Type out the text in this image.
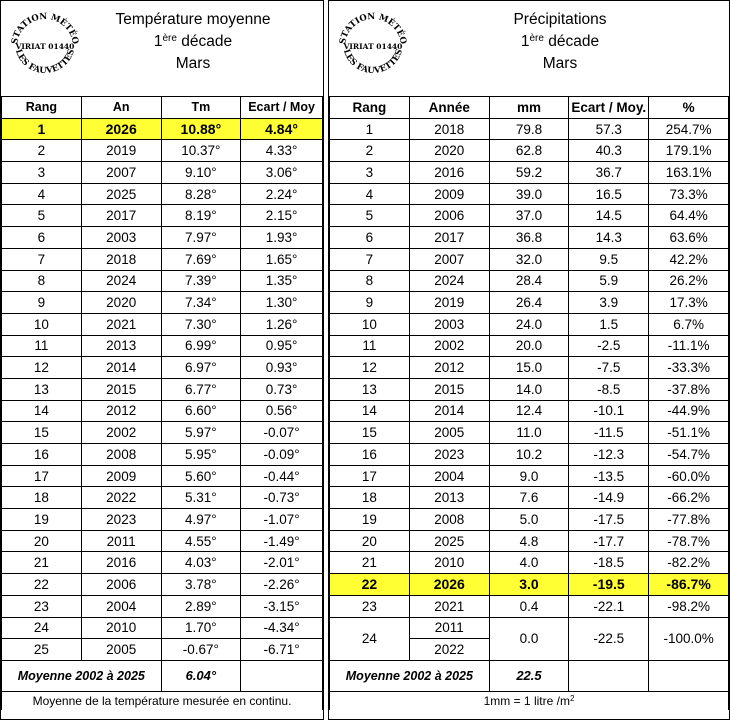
STATION MÉTÉO
VIRIAT 01440
LES FAUVETTES
Température moyenne
1ère décade
Mars
Rang	An	Tm	Ecart / Moy
1	2026	10.88°	4.84°
2	2019	10.37°	4.33°
3	2007	9.10°	3.06°
4	2025	8.28°	2.24°
5	2017	8.19°	2.15°
6	2003	7.97°	1.93°
7	2018	7.69°	1.65°
8	2024	7.39°	1.35°
9	2020	7.34°	1.30°
10	2021	7.30°	1.26°
11	2013	6.99°	0.95°
12	2014	6.97°	0.93°
13	2015	6.77°	0.73°
14	2012	6.60°	0.56°
15	2002	5.97°	-0.07°
16	2008	5.95°	-0.09°
17	2009	5.60°	-0.44°
18	2022	5.31°	-0.73°
19	2023	4.97°	-1.07°
20	2011	4.55°	-1.49°
21	2016	4.03°	-2.01°
22	2006	3.78°	-2.26°
23	2004	2.89°	-3.15°
24	2010	1.70°	-4.34°
25	2005	-0.67°	-6.71°
Moyenne 2002 à 2025		6.04°	
Moyenne de la température mesurée en continu.			
STATION MÉTÉO
VIRIAT 01440
LES FAUVETTES
Précipitations
1ère décade
Mars
Rang	Année	mm	Ecart / Moy.	%
1	2018	79.8	57.3	254.7%
2	2020	62.8	40.3	179.1%
3	2016	59.2	36.7	163.1%
4	2009	39.0	16.5	73.3%
5	2006	37.0	14.5	64.4%
6	2017	36.8	14.3	63.6%
7	2007	32.0	9.5	42.2%
8	2024	28.4	5.9	26.2%
9	2019	26.4	3.9	17.3%
10	2003	24.0	1.5	6.7%
11	2002	20.0	-2.5	-11.1%
12	2012	15.0	-7.5	-33.3%
13	2015	14.0	-8.5	-37.8%
14	2014	12.4	-10.1	-44.9%
15	2005	11.0	-11.5	-51.1%
16	2023	10.2	-12.3	-54.7%
17	2004	9.0	-13.5	-60.0%
18	2013	7.6	-14.9	-66.2%
19	2008	5.0	-17.5	-77.8%
20	2025	4.8	-17.7	-78.7%
21	2010	4.0	-18.5	-82.2%
22	2026	3.0	-19.5	-86.7%
23	2021	0.4	-22.1	-98.2%
24	2011	0.0	-22.5	-100.0%
	2022			
Moyenne 2002 à 2025		22.5		
1mm = 1 litre /m$^2$
